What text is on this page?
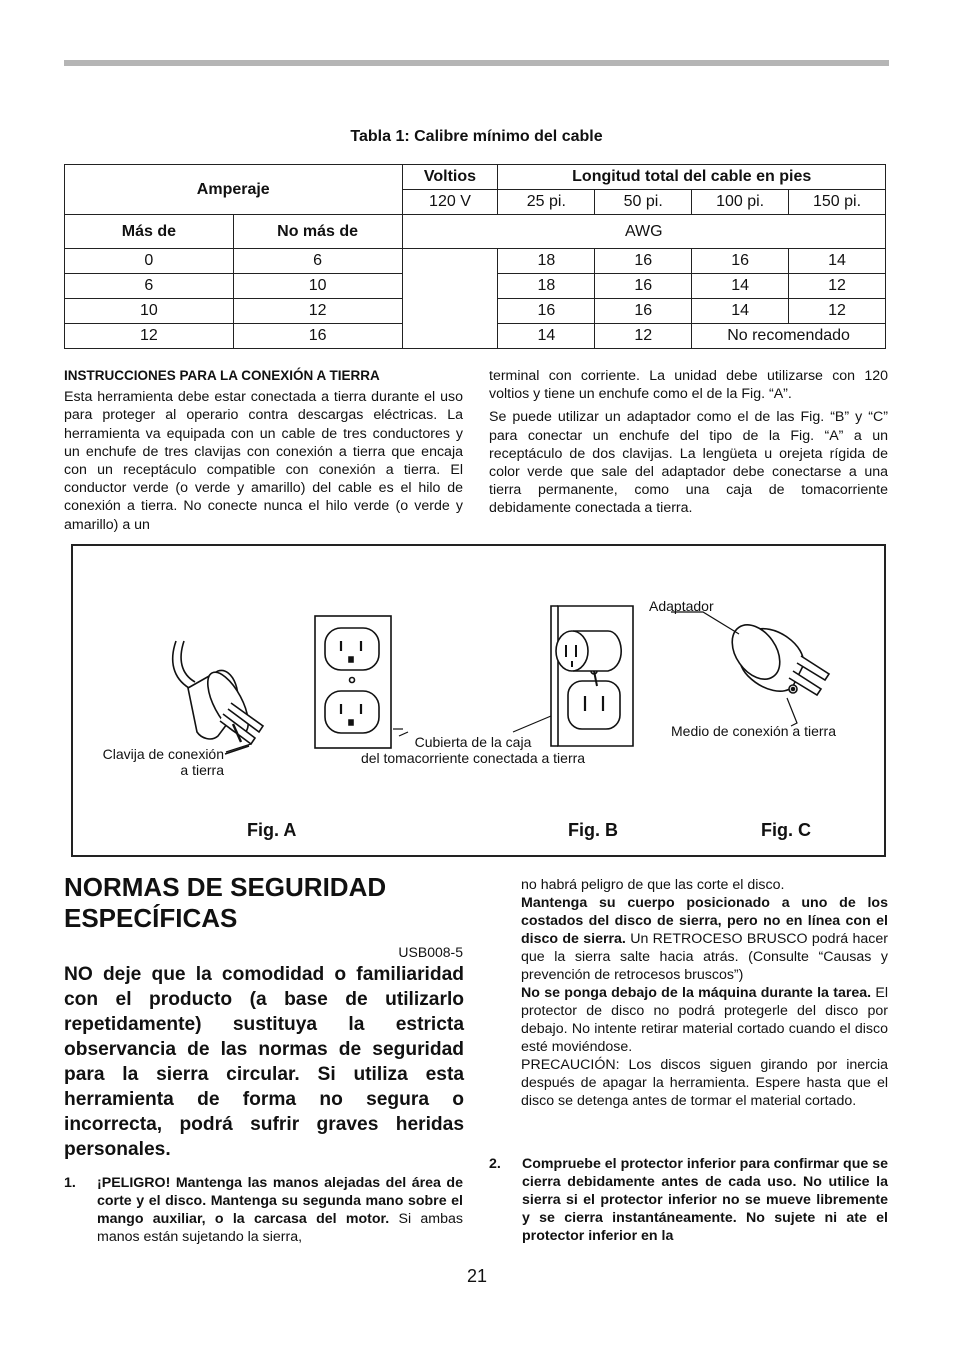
Tabla 1: Calibre mínimo del cable
Amperaje		Voltios	Longitud total del cable en pies			
		120 V	25 pi.	50 pi.	100 pi.	150 pi.
Más de	No más de	AWG				
0	6		18	16	16	14
6	10		18	16	14	12
10	12		16	16	14	12
12	16		14	12	No recomendado	
INSTRUCCIONES PARA LA CONEXIÓN A TIERRA

Esta herramienta debe estar conectada a tierra durante el uso para proteger al operario contra descargas eléctricas. La herramienta va equipada con un cable de tres conductores y un enchufe de tres clavijas con conexión a tierra que encaja con un receptáculo compatible con conexión a tierra. El conductor verde (o verde y amarillo) del cable es el hilo de conexión a tierra. No conecte nunca el hilo verde (o verde y amarillo) a un

terminal con corriente. La unidad debe utilizarse con 120 voltios y tiene un enchufe como el de la Fig. “A”.

Se puede utilizar un adaptador como el de las Fig. “B” y “C” para conectar un enchufe del tipo de la Fig. “A” a un receptáculo de dos clavijas. La lengüeta u orejeta rígida de color verde que sale del adaptador debe conectarse a una tierra permanente, como una caja de tomacorriente debidamente conectada a tierra.

Adaptador
Medio de conexión a tierra
Cubierta de la caja
del tomacorriente conectada a tierra
Clavija de conexión
a tierra
Fig. A	Fig. B	Fig. C
NORMAS DE SEGURIDAD
ESPECÍFICAS
USB008-5
NO deje que la comodidad o familiaridad con el producto (a base de utilizarlo repetidamente) sustituya la estricta observancia de las normas de seguridad para la sierra circular. Si utiliza esta herramienta de forma no segura o incorrecta, podrá sufrir graves heridas personales.
1. ¡PELIGRO! Mantenga las manos alejadas del área de corte y el disco. Mantenga su segunda mano sobre el mango auxiliar, o la carcasa del motor. Si ambas manos están sujetando la sierra,

no habrá peligro de que las corte el disco.

Mantenga su cuerpo posicionado a uno de los costados del disco de sierra, pero no en línea con el disco de sierra. Un RETROCESO BRUSCO podrá hacer que la sierra salte hacia atrás. (Consulte “Causas y prevención de retrocesos bruscos”)

No se ponga debajo de la máquina durante la tarea. El protector de disco no podrá protegerle del disco por debajo. No intente retirar material cortado cuando el disco esté moviéndose.

PRECAUCIÓN: Los discos siguen girando por inercia después de apagar la herramienta. Espere hasta que el disco se detenga antes de tormar el material cortado.

2. Compruebe el protector inferior para confirmar que se cierra debidamente antes de cada uso. No utilice la sierra si el protector inferior no se mueve libremente y se cierra instantáneamente. No sujete ni ate el protector inferior en la
21
